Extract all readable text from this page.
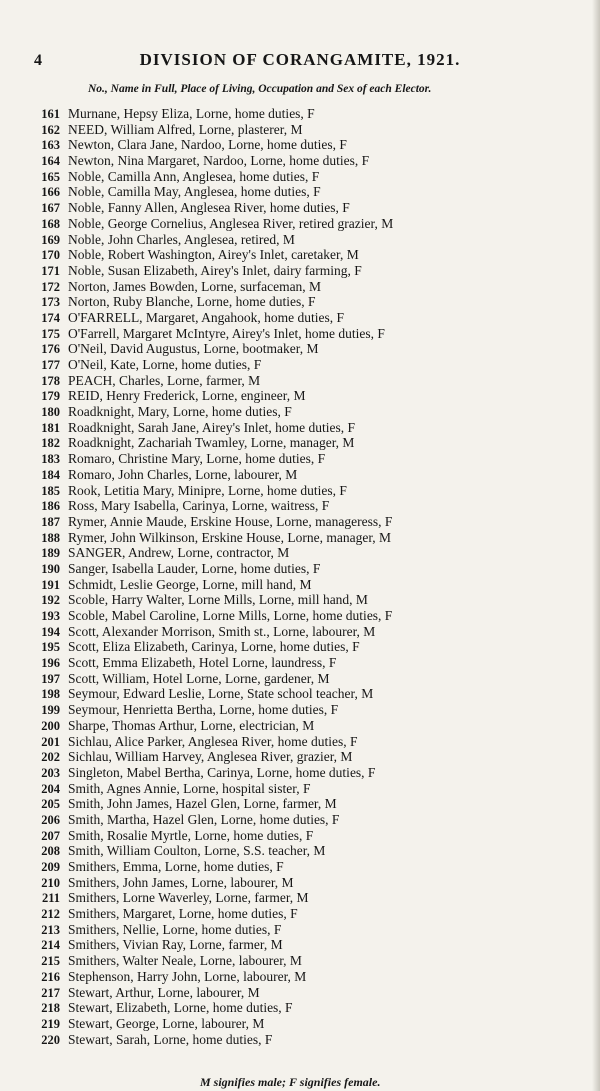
4	DIVISION OF CORANGAMITE, 1921.
No., Name in Full, Place of Living, Occupation and Sex of each Elector.
161 Murnane, Hepsy Eliza, Lorne, home duties, F
162 NEED, William Alfred, Lorne, plasterer, M
163 Newton, Clara Jane, Nardoo, Lorne, home duties, F
164 Newton, Nina Margaret, Nardoo, Lorne, home duties, F
165 Noble, Camilla Ann, Anglesea, home duties, F
166 Noble, Camilla May, Anglesea, home duties, F
167 Noble, Fanny Allen, Anglesea River, home duties, F
168 Noble, George Cornelius, Anglesea River, retired grazier, M
169 Noble, John Charles, Anglesea, retired, M
170 Noble, Robert Washington, Airey's Inlet, caretaker, M
171 Noble, Susan Elizabeth, Airey's Inlet, dairy farming, F
172 Norton, James Bowden, Lorne, surfaceman, M
173 Norton, Ruby Blanche, Lorne, home duties, F
174 O'FARRELL, Margaret, Angahook, home duties, F
175 O'Farrell, Margaret McIntyre, Airey's Inlet, home duties, F
176 O'Neil, David Augustus, Lorne, bootmaker, M
177 O'Neil, Kate, Lorne, home duties, F
178 PEACH, Charles, Lorne, farmer, M
179 REID, Henry Frederick, Lorne, engineer, M
180 Roadknight, Mary, Lorne, home duties, F
181 Roadknight, Sarah Jane, Airey's Inlet, home duties, F
182 Roadknight, Zachariah Twamley, Lorne, manager, M
183 Romaro, Christine Mary, Lorne, home duties, F
184 Romaro, John Charles, Lorne, labourer, M
185 Rook, Letitia Mary, Minipre, Lorne, home duties, F
186 Ross, Mary Isabella, Carinya, Lorne, waitress, F
187 Rymer, Annie Maude, Erskine House, Lorne, manageress, F
188 Rymer, John Wilkinson, Erskine House, Lorne, manager, M
189 SANGER, Andrew, Lorne, contractor, M
190 Sanger, Isabella Lauder, Lorne, home duties, F
191 Schmidt, Leslie George, Lorne, mill hand, M
192 Scoble, Harry Walter, Lorne Mills, Lorne, mill hand, M
193 Scoble, Mabel Caroline, Lorne Mills, Lorne, home duties, F
194 Scott, Alexander Morrison, Smith st., Lorne, labourer, M
195 Scott, Eliza Elizabeth, Carinya, Lorne, home duties, F
196 Scott, Emma Elizabeth, Hotel Lorne, laundress, F
197 Scott, William, Hotel Lorne, Lorne, gardener, M
198 Seymour, Edward Leslie, Lorne, State school teacher, M
199 Seymour, Henrietta Bertha, Lorne, home duties, F
200 Sharpe, Thomas Arthur, Lorne, electrician, M
201 Sichlau, Alice Parker, Anglesea River, home duties, F
202 Sichlau, William Harvey, Anglesea River, grazier, M
203 Singleton, Mabel Bertha, Carinya, Lorne, home duties, F
204 Smith, Agnes Annie, Lorne, hospital sister, F
205 Smith, John James, Hazel Glen, Lorne, farmer, M
206 Smith, Martha, Hazel Glen, Lorne, home duties, F
207 Smith, Rosalie Myrtle, Lorne, home duties, F
208 Smith, William Coulton, Lorne, S.S. teacher, M
209 Smithers, Emma, Lorne, home duties, F
210 Smithers, John James, Lorne, labourer, M
211 Smithers, Lorne Waverley, Lorne, farmer, M
212 Smithers, Margaret, Lorne, home duties, F
213 Smithers, Nellie, Lorne, home duties, F
214 Smithers, Vivian Ray, Lorne, farmer, M
215 Smithers, Walter Neale, Lorne, labourer, M
216 Stephenson, Harry John, Lorne, labourer, M
217 Stewart, Arthur, Lorne, labourer, M
218 Stewart, Elizabeth, Lorne, home duties, F
219 Stewart, George, Lorne, labourer, M
220 Stewart, Sarah, Lorne, home duties, F
M signifies male; F signifies female.
